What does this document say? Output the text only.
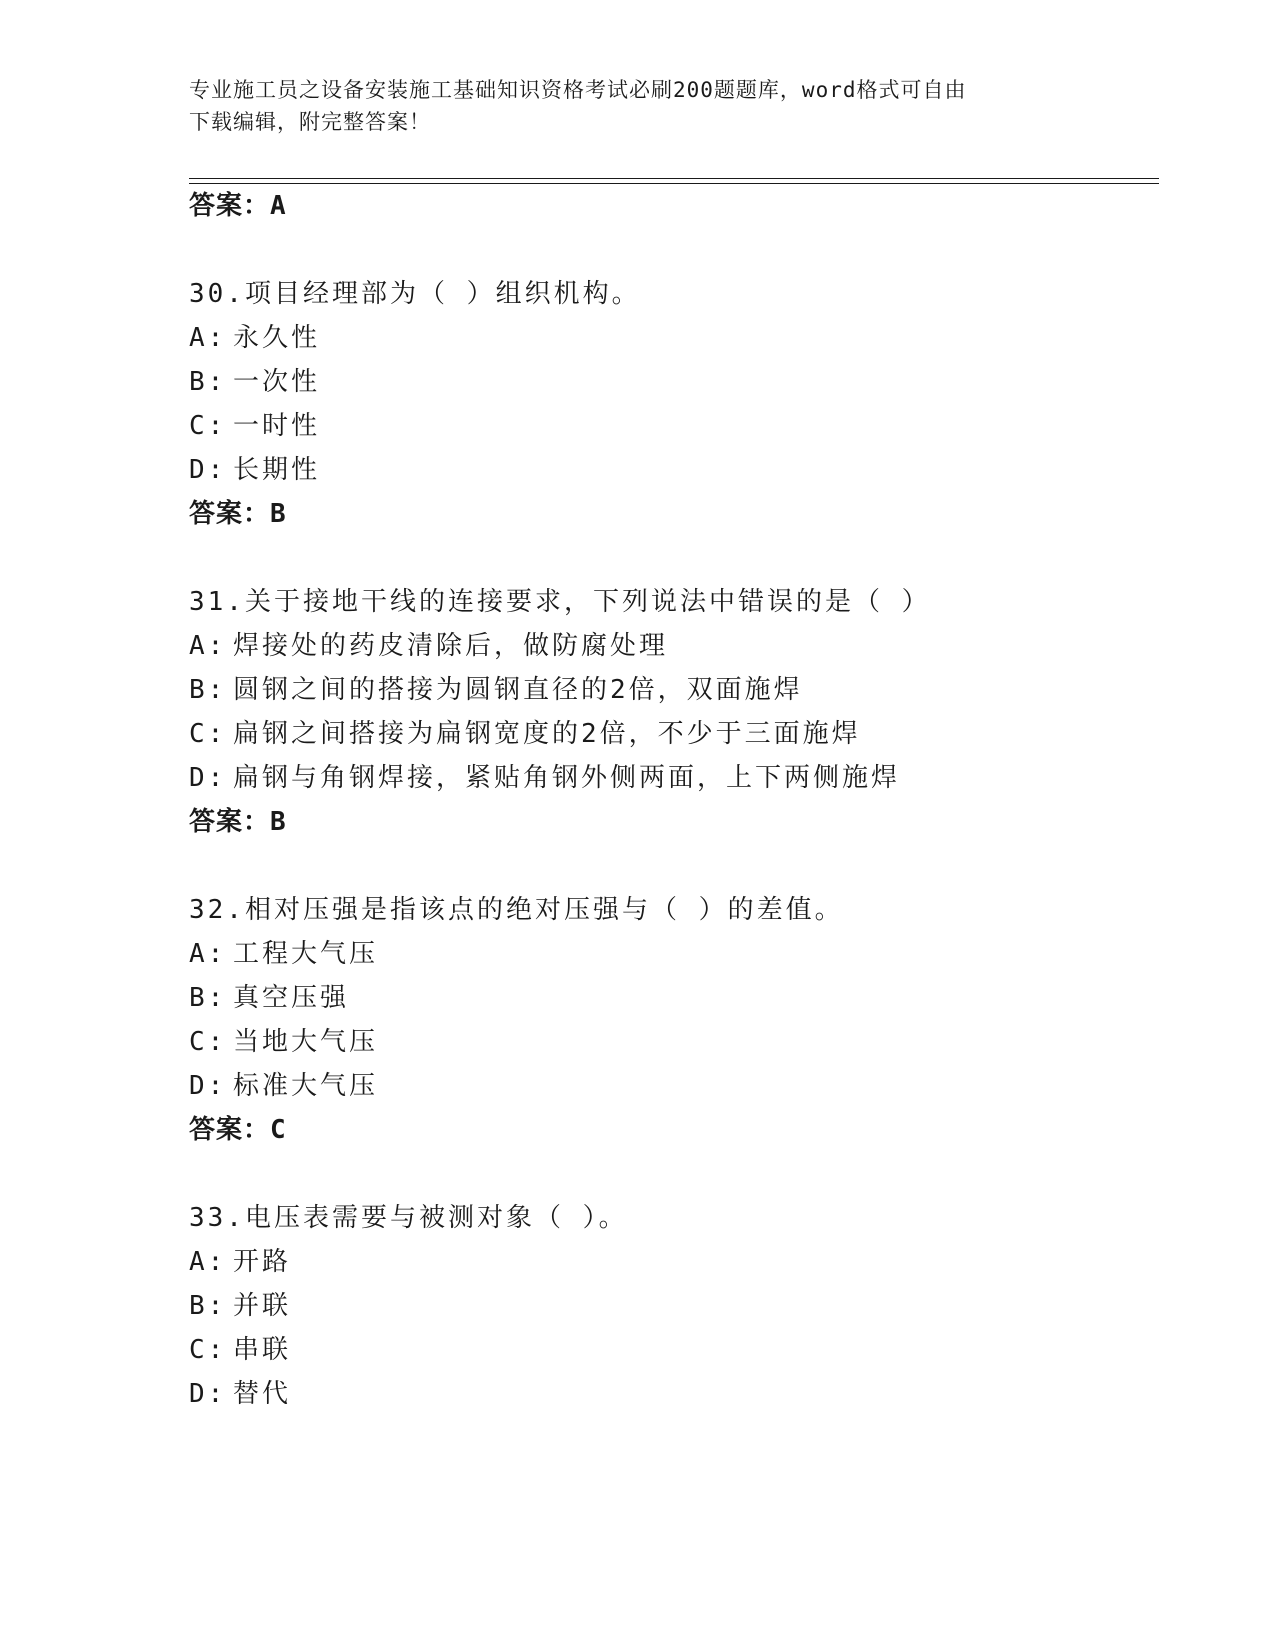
专业施工员之设备安装施工基础知识资格考试必刷200题题库，word格式可自由
下载编辑，附完整答案！
答案：A
30.项目经理部为（ ）组织机构。
A: 永久性
B: 一次性
C: 一时性
D: 长期性
答案：B
31.关于接地干线的连接要求，下列说法中错误的是（ ）
A: 焊接处的药皮清除后，做防腐处理
B: 圆钢之间的搭接为圆钢直径的2倍，双面施焊
C: 扁钢之间搭接为扁钢宽度的2倍，不少于三面施焊
D: 扁钢与角钢焊接，紧贴角钢外侧两面，上下两侧施焊
答案：B
32.相对压强是指该点的绝对压强与（ ）的差值。
A: 工程大气压
B: 真空压强
C: 当地大气压
D: 标准大气压
答案：C
33.电压表需要与被测对象（ ）。
A: 开路
B: 并联
C: 串联
D: 替代
